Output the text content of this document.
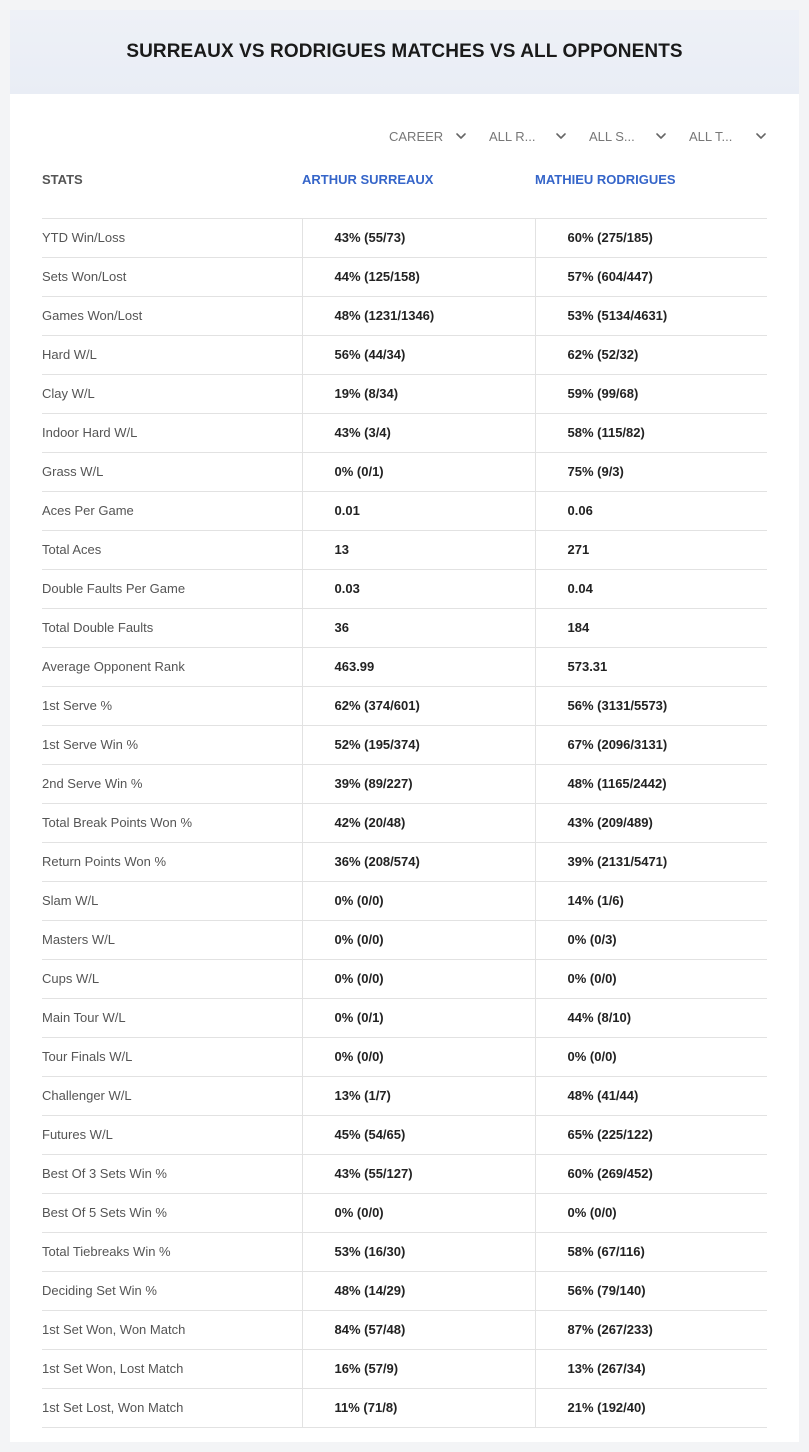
SURREAUX VS RODRIGUES MATCHES VS ALL OPPONENTS
CAREER	ALL R...	ALL S...	ALL T...
STATS	ARTHUR SURREAUX	MATHIEU RODRIGUES
YTD Win/Loss	43% (55/73)	60% (275/185)
Sets Won/Lost	44% (125/158)	57% (604/447)
Games Won/Lost	48% (1231/1346)	53% (5134/4631)
Hard W/L	56% (44/34)	62% (52/32)
Clay W/L	19% (8/34)	59% (99/68)
Indoor Hard W/L	43% (3/4)	58% (115/82)
Grass W/L	0% (0/1)	75% (9/3)
Aces Per Game	0.01	0.06
Total Aces	13	271
Double Faults Per Game	0.03	0.04
Total Double Faults	36	184
Average Opponent Rank	463.99	573.31
1st Serve %	62% (374/601)	56% (3131/5573)
1st Serve Win %	52% (195/374)	67% (2096/3131)
2nd Serve Win %	39% (89/227)	48% (1165/2442)
Total Break Points Won %	42% (20/48)	43% (209/489)
Return Points Won %	36% (208/574)	39% (2131/5471)
Slam W/L	0% (0/0)	14% (1/6)
Masters W/L	0% (0/0)	0% (0/3)
Cups W/L	0% (0/0)	0% (0/0)
Main Tour W/L	0% (0/1)	44% (8/10)
Tour Finals W/L	0% (0/0)	0% (0/0)
Challenger W/L	13% (1/7)	48% (41/44)
Futures W/L	45% (54/65)	65% (225/122)
Best Of 3 Sets Win %	43% (55/127)	60% (269/452)
Best Of 5 Sets Win %	0% (0/0)	0% (0/0)
Total Tiebreaks Win %	53% (16/30)	58% (67/116)
Deciding Set Win %	48% (14/29)	56% (79/140)
1st Set Won, Won Match	84% (57/48)	87% (267/233)
1st Set Won, Lost Match	16% (57/9)	13% (267/34)
1st Set Lost, Won Match	11% (71/8)	21% (192/40)
